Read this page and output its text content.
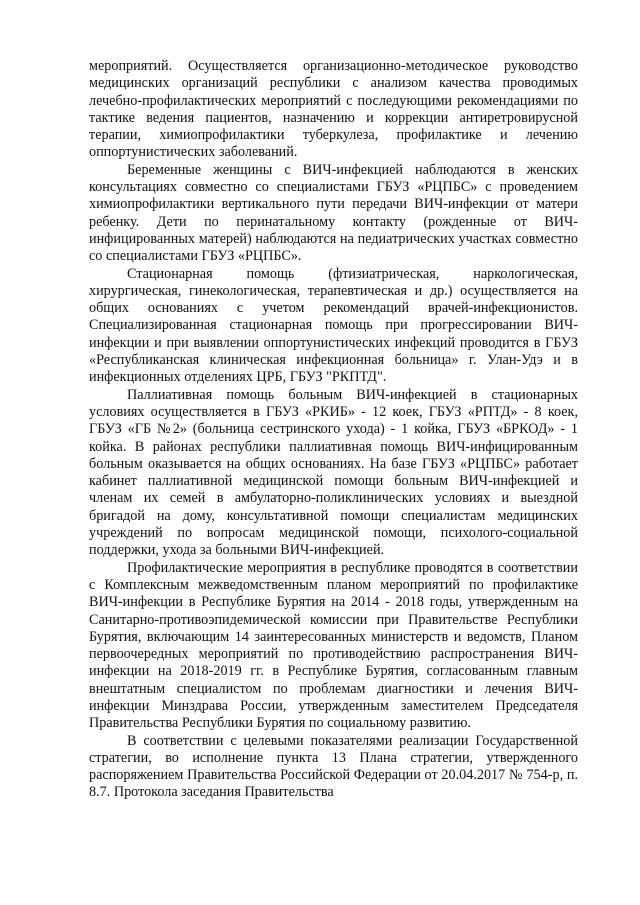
мероприятий. Осуществляется организационно-методическое руководство медицинских организаций республики с анализом качества проводимых лечебно-профилактических мероприятий с последующими рекомендациями по тактике ведения пациентов, назначению и коррекции антиретровирусной терапии, химиопрофилактики туберкулеза, профилактике и лечению оппортунистических заболеваний.

Беременные женщины с ВИЧ-инфекцией наблюдаются в женских консультациях совместно со специалистами ГБУЗ «РЦПБС» с проведением химиопрофилактики вертикального пути передачи ВИЧ-инфекции от матери ребенку. Дети по перинатальному контакту (рожденные от ВИЧ-инфицированных матерей) наблюдаются на педиатрических участках совместно со специалистами ГБУЗ «РЦПБС».

Стационарная помощь (фтизиатрическая, наркологическая, хирургическая, гинекологическая, терапевтическая и др.) осуществляется на общих основаниях с учетом рекомендаций врачей-инфекционистов. Специализированная стационарная помощь при прогрессировании ВИЧ-инфекции и при выявлении оппортунистических инфекций проводится в ГБУЗ «Республиканская клиническая инфекционная больница» г. Улан-Удэ и в инфекционных отделениях ЦРБ, ГБУЗ "РКПТД".

Паллиативная помощь больным ВИЧ-инфекцией в стационарных условиях осуществляется в ГБУЗ «РКИБ» - 12 коек, ГБУЗ «РПТД» - 8 коек, ГБУЗ «ГБ №2» (больница сестринского ухода) - 1 койка, ГБУЗ «БРКОД» - 1 койка. В районах республики паллиативная помощь ВИЧ-инфицированным больным оказывается на общих основаниях. На базе ГБУЗ «РЦПБС» работает кабинет паллиативной медицинской помощи больным ВИЧ-инфекцией и членам их семей в амбулаторно-поликлинических условиях и выездной бригадой на дому, консультативной помощи специалистам медицинских учреждений по вопросам медицинской помощи, психолого-социальной поддержки, ухода за больными ВИЧ-инфекцией.

Профилактические мероприятия в республике проводятся в соответствии с Комплексным межведомственным планом мероприятий по профилактике ВИЧ-инфекции в Республике Бурятия на 2014 - 2018 годы, утвержденным на Санитарно-противоэпидемической комиссии при Правительстве Республики Бурятия, включающим 14 заинтересованных министерств и ведомств, Планом первоочередных мероприятий по противодействию распространения ВИЧ-инфекции на 2018-2019 гг. в Республике Бурятия, согласованным главным внештатным специалистом по проблемам диагностики и лечения ВИЧ-инфекции Минздрава России, утвержденным заместителем Председателя Правительства Республики Бурятия по социальному развитию.

В соответствии с целевыми показателями реализации Государственной стратегии, во исполнение пункта 13 Плана стратегии, утвержденного распоряжением Правительства Российской Федерации от 20.04.2017 № 754-р, п. 8.7. Протокола заседания Правительства
